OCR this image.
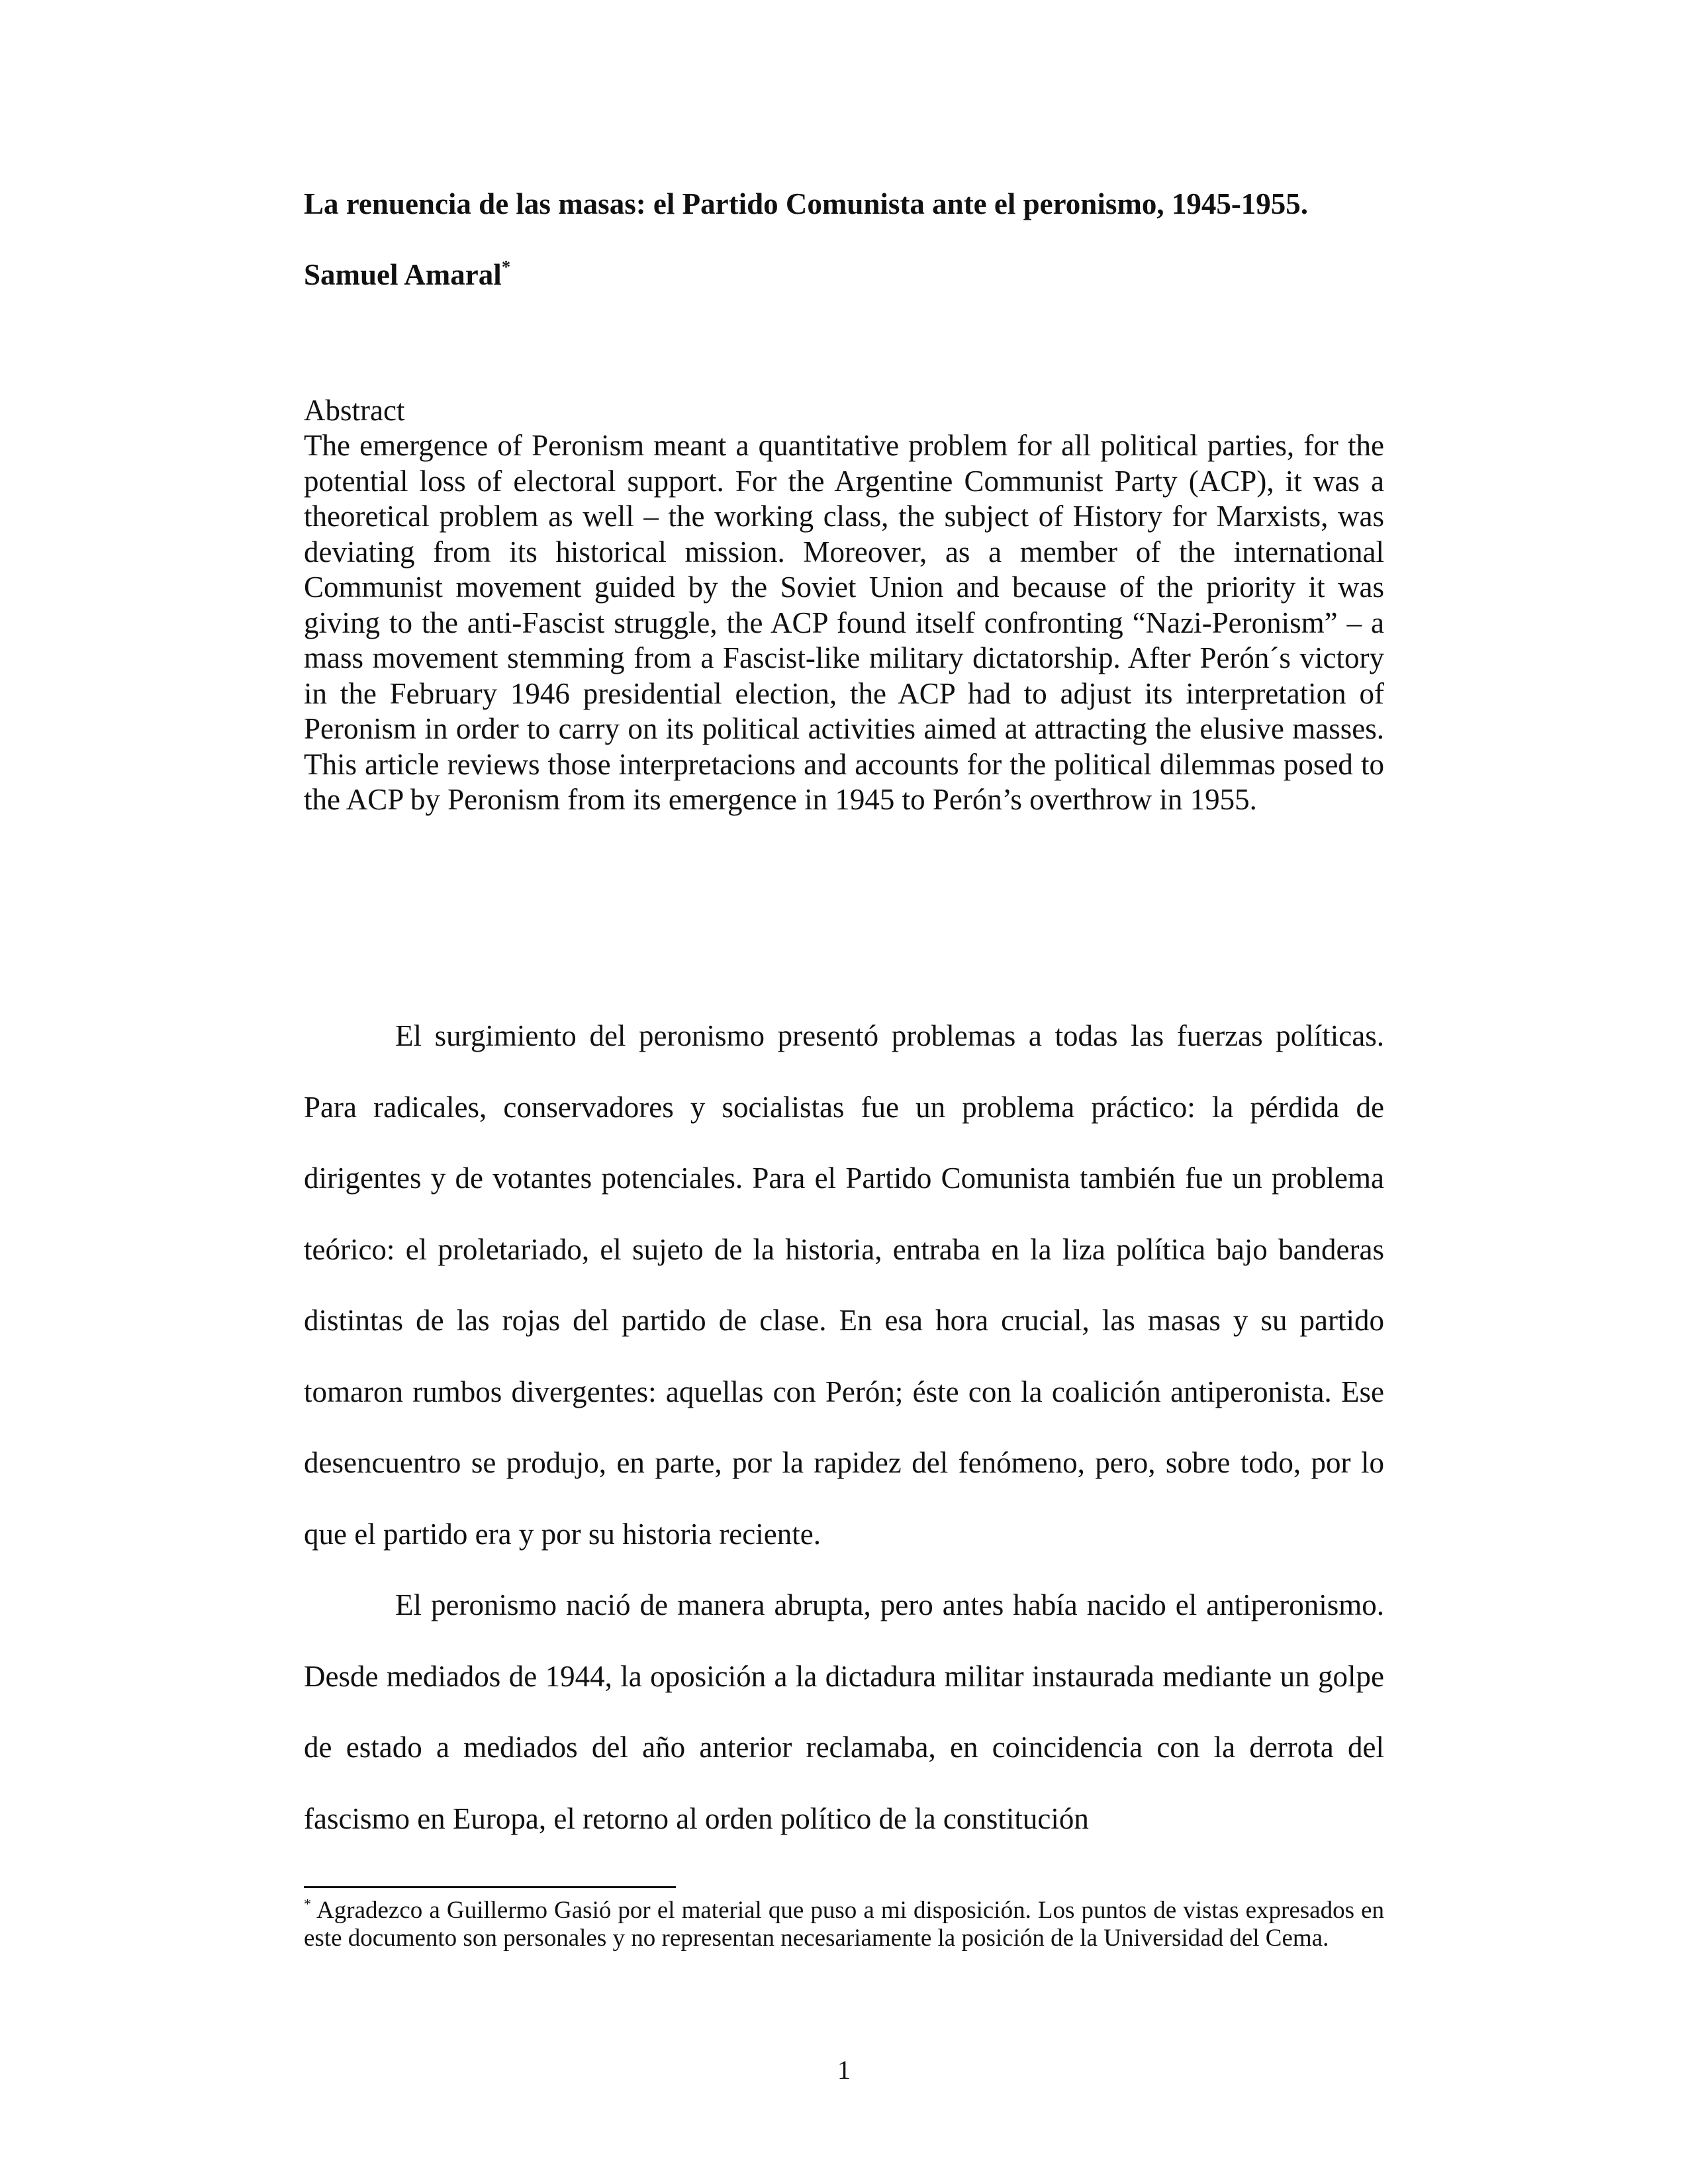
La renuencia de las masas: el Partido Comunista ante el peronismo, 1945-1955.
Samuel Amaral*
Abstract
The emergence of Peronism meant a quantitative problem for all political parties, for the potential loss of electoral support. For the Argentine Communist Party (ACP), it was a theoretical problem as well – the working class, the subject of History for Marxists, was deviating from its historical mission. Moreover, as a member of the international Communist movement guided by the Soviet Union and because of the priority it was giving to the anti-Fascist struggle, the ACP found itself confronting “Nazi-Peronism” – a mass movement stemming from a Fascist-like military dictatorship. After Perón´s victory in the February 1946 presidential election, the ACP had to adjust its interpretation of Peronism in order to carry on its political activities aimed at attracting the elusive masses. This article reviews those interpretacions and accounts for the political dilemmas posed to the ACP by Peronism from its emergence in 1945 to Perón’s overthrow in 1955.

El surgimiento del peronismo presentó problemas a todas las fuerzas políticas. Para radicales, conservadores y socialistas fue un problema práctico: la pérdida de dirigentes y de votantes potenciales. Para el Partido Comunista también fue un problema teórico: el proletariado, el sujeto de la historia, entraba en la liza política bajo banderas distintas de las rojas del partido de clase. En esa hora crucial, las masas y su partido tomaron rumbos divergentes: aquellas con Perón; éste con la coalición antiperonista. Ese desencuentro se produjo, en parte, por la rapidez del fenómeno, pero, sobre todo, por lo que el partido era y por su historia reciente.

El peronismo nació de manera abrupta, pero antes había nacido el antiperonismo. Desde mediados de 1944, la oposición a la dictadura militar instaurada mediante un golpe de estado a mediados del año anterior reclamaba, en coincidencia con la derrota del fascismo en Europa, el retorno al orden político de la constitución

* Agradezco a Guillermo Gasió por el material que puso a mi disposición. Los puntos de vistas expresados en este documento son personales y no representan necesariamente la posición de la Universidad del Cema.
1
